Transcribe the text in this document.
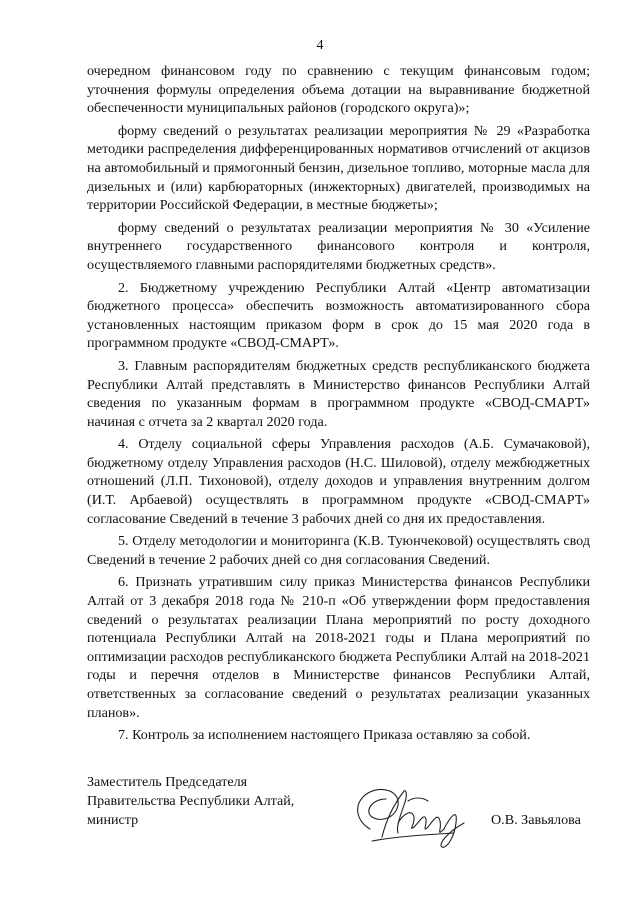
4

очередном финансовом году по сравнению с текущим финансовым годом; уточнения формулы определения объема дотации на выравнивание бюджетной обеспеченности муниципальных районов (городского округа)»;

форму сведений о результатах реализации мероприятия № 29 «Разработка методики распределения дифференцированных нормативов отчислений от акцизов на автомобильный и прямогонный бензин, дизельное топливо, моторные масла для дизельных и (или) карбюраторных (инжекторных) двигателей, производимых на территории Российской Федерации, в местные бюджеты»;

форму сведений о результатах реализации мероприятия № 30 «Усиление внутреннего государственного финансового контроля и контроля, осуществляемого главными распорядителями бюджетных средств».

2. Бюджетному учреждению Республики Алтай «Центр автоматизации бюджетного процесса» обеспечить возможность автоматизированного сбора установленных настоящим приказом форм в срок до 15 мая 2020 года в программном продукте «СВОД-СМАРТ».

3. Главным распорядителям бюджетных средств республиканского бюджета Республики Алтай представлять в Министерство финансов Республики Алтай сведения по указанным формам в программном продукте «СВОД-СМАРТ» начиная с отчета за 2 квартал 2020 года.

4. Отделу социальной сферы Управления расходов (А.Б. Сумачаковой), бюджетному отделу Управления расходов (Н.С. Шиловой), отделу межбюджетных отношений (Л.П. Тихоновой), отделу доходов и управления внутренним долгом (И.Т. Арбаевой) осуществлять в программном продукте «СВОД-СМАРТ» согласование Сведений в течение 3 рабочих дней со дня их предоставления.

5. Отделу методологии и мониторинга (К.В. Туюнчековой) осуществлять свод Сведений в течение 2 рабочих дней со дня согласования Сведений.

6. Признать утратившим силу приказ Министерства финансов Республики Алтай от 3 декабря 2018 года № 210-п «Об утверждении форм предоставления сведений о результатах реализации Плана мероприятий по росту доходного потенциала Республики Алтай на 2018-2021 годы и Плана мероприятий по оптимизации расходов республиканского бюджета Республики Алтай на 2018-2021 годы и перечня отделов в Министерстве финансов Республики Алтай, ответственных за согласование сведений о результатах реализации указанных планов».

7. Контроль за исполнением настоящего Приказа оставляю за собой.

Заместитель Председателя
Правительства Республики Алтай,
министр	О.В. Завьялова
